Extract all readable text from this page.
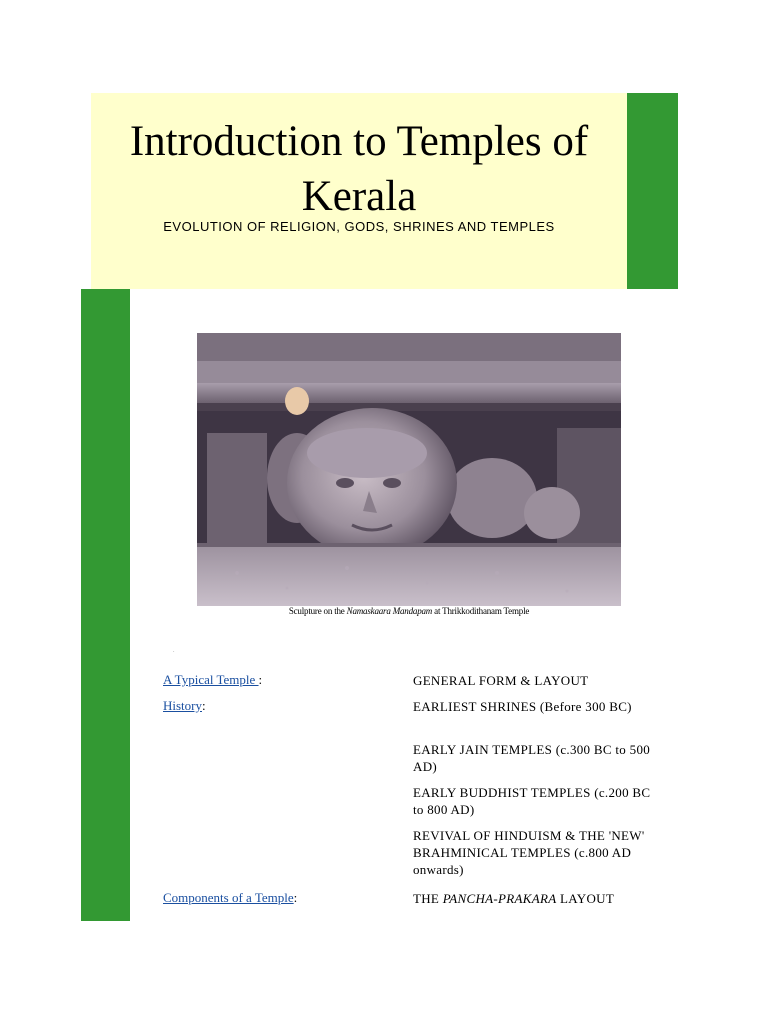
Introduction to Temples of
Kerala
EVOLUTION OF RELIGION, GODS, SHRINES AND TEMPLES
Sculpture on the Namaskaara Mandapam at Thrikkodithanam Temple
.
A Typical Temple :	GENERAL FORM & LAYOUT
History:	EARLIEST SHRINES (Before 300 BC)
EARLY JAIN TEMPLES (c.300 BC to 500 AD)
EARLY BUDDHIST TEMPLES (c.200 BC to 800 AD)
REVIVAL OF HINDUISM & THE 'NEW' BRAHMINICAL TEMPLES (c.800 AD onwards)
Components of a Temple:	THE PANCHA-PRAKARA LAYOUT
